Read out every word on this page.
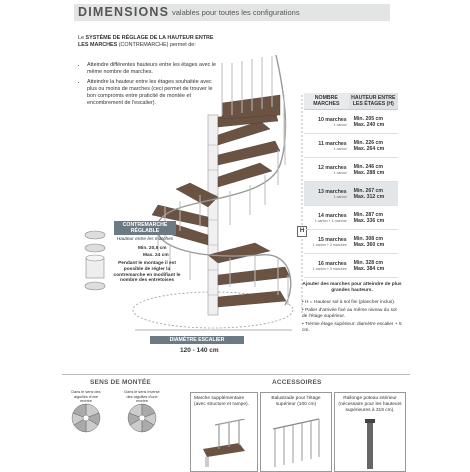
DIMENSIONS valables pour toutes les configurations
Le SYSTÈME DE RÉGLAGE DE LA HAUTEUR ENTRE LES MARCHES (CONTREMARCHE) permet de:
• Atteindre différentes hauteurs entre les étages avec le même nombre de marches.
• Atteindre la hauteur entre les étages souhaitée avec plus ou moins de marches (ceci permet de trouver le bon compromis entre praticité de montée et encombrement de l'escalier).
H
CONTREMARCHE RÉGLABLE
Hauteur entre les marches
Min. 20,5 cm
Max. 24 cm
Pendant le montage il est possible de régler la contremarche en modifiant le nombre des entretoises
DIAMÈTRE ESCALIER
120 - 140 cm
NOMBRE MARCHES	HAUTEUR ENTRE LES ÉTAGES (H)
10 marches
1 carton	Min. 205 cm
Max. 240 cm
11 marches
1 carton	Min. 226 cm
Max. 264 cm
12 marches
1 carton	Min. 246 cm
Max. 288 cm
13 marches
1 carton	Min. 267 cm
Max. 312 cm
14 marches
1 carton + 1 marche	Min. 287 cm
Max. 336 cm
15 marches
1 carton + 2 marches	Min. 308 cm
Max. 360 cm
16 marches
1 carton + 3 marches	Min. 328 cm
Max. 384 cm
Ajouter des marches pour atteindre de plus grandes hauteurs.
• H = Hauteur sol à sol fini (plancher inclus).
• Palier d'arrivée fixé au même niveau du sol de l'étage supérieur.
• Trémie étage supérieur: diamètre escalier + 5 cm.
SENS DE MONTÉE
Dans le sens des aiguilles d'une montre
Dans le sens inverse des aiguilles d'une montre
ACCESSOIRES
Marche supplémentaire (avec structure et rampe).
Balustrade pour l'étage supérieur (100 cm)
Rallonge poteau intérieur (nécessaire pour les hauteurs supérieures à 319 cm).
